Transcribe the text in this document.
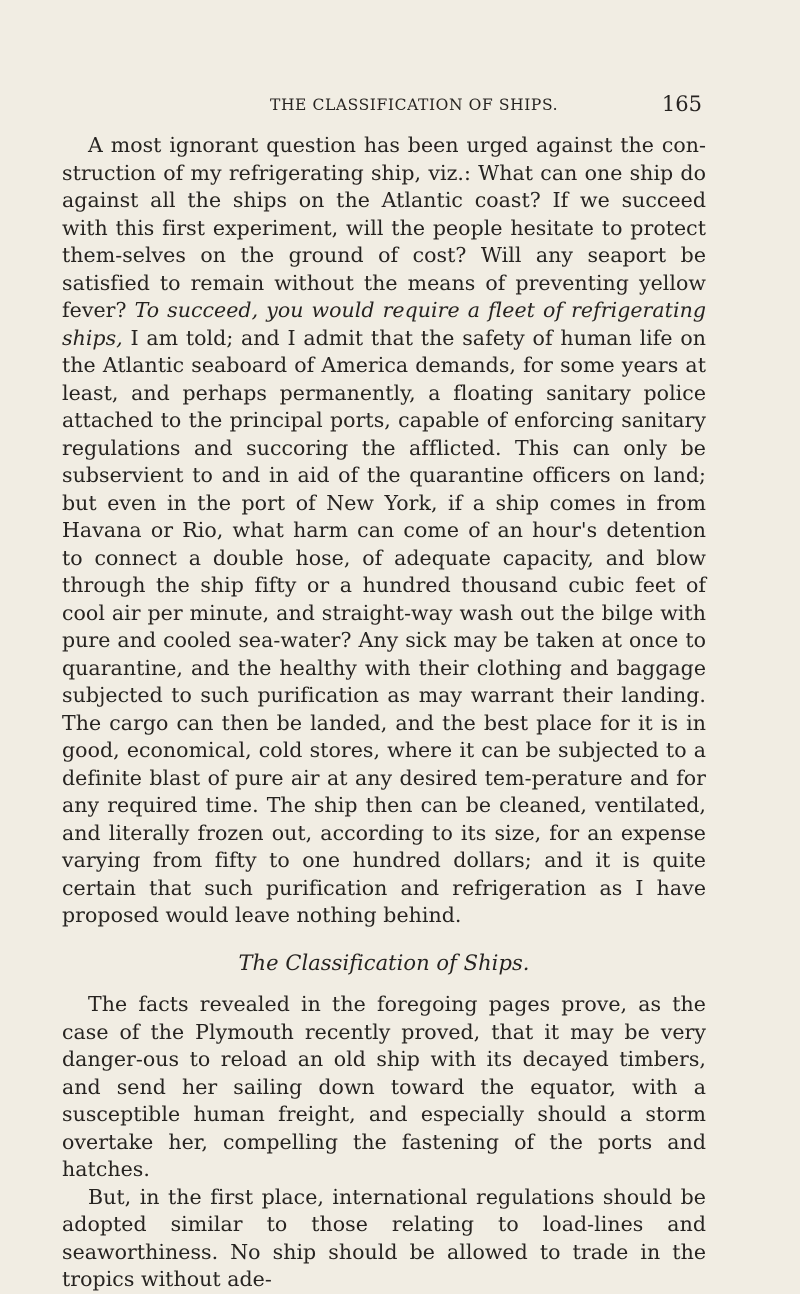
THE CLASSIFICATION OF SHIPS.	165

A most ignorant question has been urged against the con-struction of my refrigerating ship, viz.: What can one ship do against all the ships on the Atlantic coast? If we succeed with this first experiment, will the people hesitate to protect them-selves on the ground of cost? Will any seaport be satisfied to remain without the means of preventing yellow fever? To succeed, you would require a fleet of refrigerating ships, I am told; and I admit that the safety of human life on the Atlantic seaboard of America demands, for some years at least, and perhaps permanently, a floating sanitary police attached to the principal ports, capable of enforcing sanitary regulations and succoring the afflicted. This can only be subservient to and in aid of the quarantine officers on land; but even in the port of New York, if a ship comes in from Havana or Rio, what harm can come of an hour's detention to connect a double hose, of adequate capacity, and blow through the ship fifty or a hundred thousand cubic feet of cool air per minute, and straight-way wash out the bilge with pure and cooled sea-water? Any sick may be taken at once to quarantine, and the healthy with their clothing and baggage subjected to such purification as may warrant their landing. The cargo can then be landed, and the best place for it is in good, economical, cold stores, where it can be subjected to a definite blast of pure air at any desired tem-perature and for any required time. The ship then can be cleaned, ventilated, and literally frozen out, according to its size, for an expense varying from fifty to one hundred dollars; and it is quite certain that such purification and refrigeration as I have proposed would leave nothing behind.

The Classification of Ships.

The facts revealed in the foregoing pages prove, as the case of the Plymouth recently proved, that it may be very danger-ous to reload an old ship with its decayed timbers, and send her sailing down toward the equator, with a susceptible human freight, and especially should a storm overtake her, compelling the fastening of the ports and hatches.

But, in the first place, international regulations should be adopted similar to those relating to load-lines and seaworthiness. No ship should be allowed to trade in the tropics without ade-
